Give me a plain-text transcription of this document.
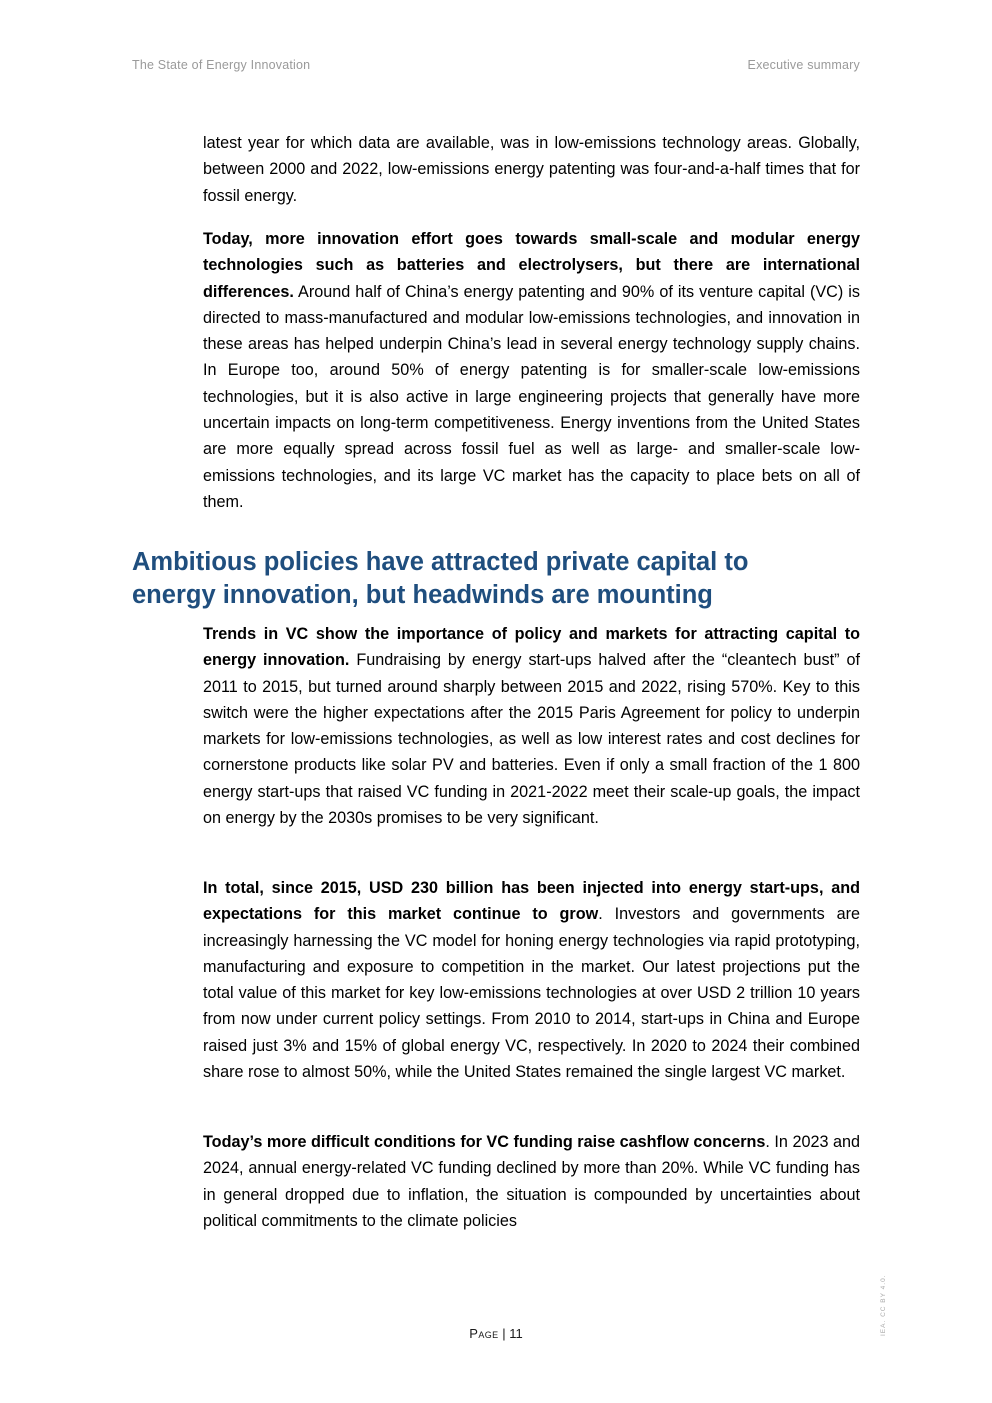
The State of Energy Innovation	Executive summary

latest year for which data are available, was in low-emissions technology areas. Globally, between 2000 and 2022, low-emissions energy patenting was four-and-a-half times that for fossil energy.

Today, more innovation effort goes towards small-scale and modular energy technologies such as batteries and electrolysers, but there are international differences. Around half of China’s energy patenting and 90% of its venture capital (VC) is directed to mass-manufactured and modular low-emissions technologies, and innovation in these areas has helped underpin China’s lead in several energy technology supply chains. In Europe too, around 50% of energy patenting is for smaller-scale low-emissions technologies, but it is also active in large engineering projects that generally have more uncertain impacts on long-term competitiveness. Energy inventions from the United States are more equally spread across fossil fuel as well as large- and smaller-scale low-emissions technologies, and its large VC market has the capacity to place bets on all of them.

Ambitious policies have attracted private capital to
energy innovation, but headwinds are mounting

Trends in VC show the importance of policy and markets for attracting capital to energy innovation. Fundraising by energy start-ups halved after the “cleantech bust” of 2011 to 2015, but turned around sharply between 2015 and 2022, rising 570%. Key to this switch were the higher expectations after the 2015 Paris Agreement for policy to underpin markets for low-emissions technologies, as well as low interest rates and cost declines for cornerstone products like solar PV and batteries. Even if only a small fraction of the 1 800 energy start-ups that raised VC funding in 2021-2022 meet their scale-up goals, the impact on energy by the 2030s promises to be very significant.

In total, since 2015, USD 230 billion has been injected into energy start-ups, and expectations for this market continue to grow. Investors and governments are increasingly harnessing the VC model for honing energy technologies via rapid prototyping, manufacturing and exposure to competition in the market. Our latest projections put the total value of this market for key low-emissions technologies at over USD 2 trillion 10 years from now under current policy settings. From 2010 to 2014, start-ups in China and Europe raised just 3% and 15% of global energy VC, respectively. In 2020 to 2024 their combined share rose to almost 50%, while the United States remained the single largest VC market.

Today’s more difficult conditions for VC funding raise cashflow concerns. In 2023 and 2024, annual energy-related VC funding declined by more than 20%. While VC funding has in general dropped due to inflation, the situation is compounded by uncertainties about political commitments to the climate policies

Page | 11	IEA. CC BY 4.0.
